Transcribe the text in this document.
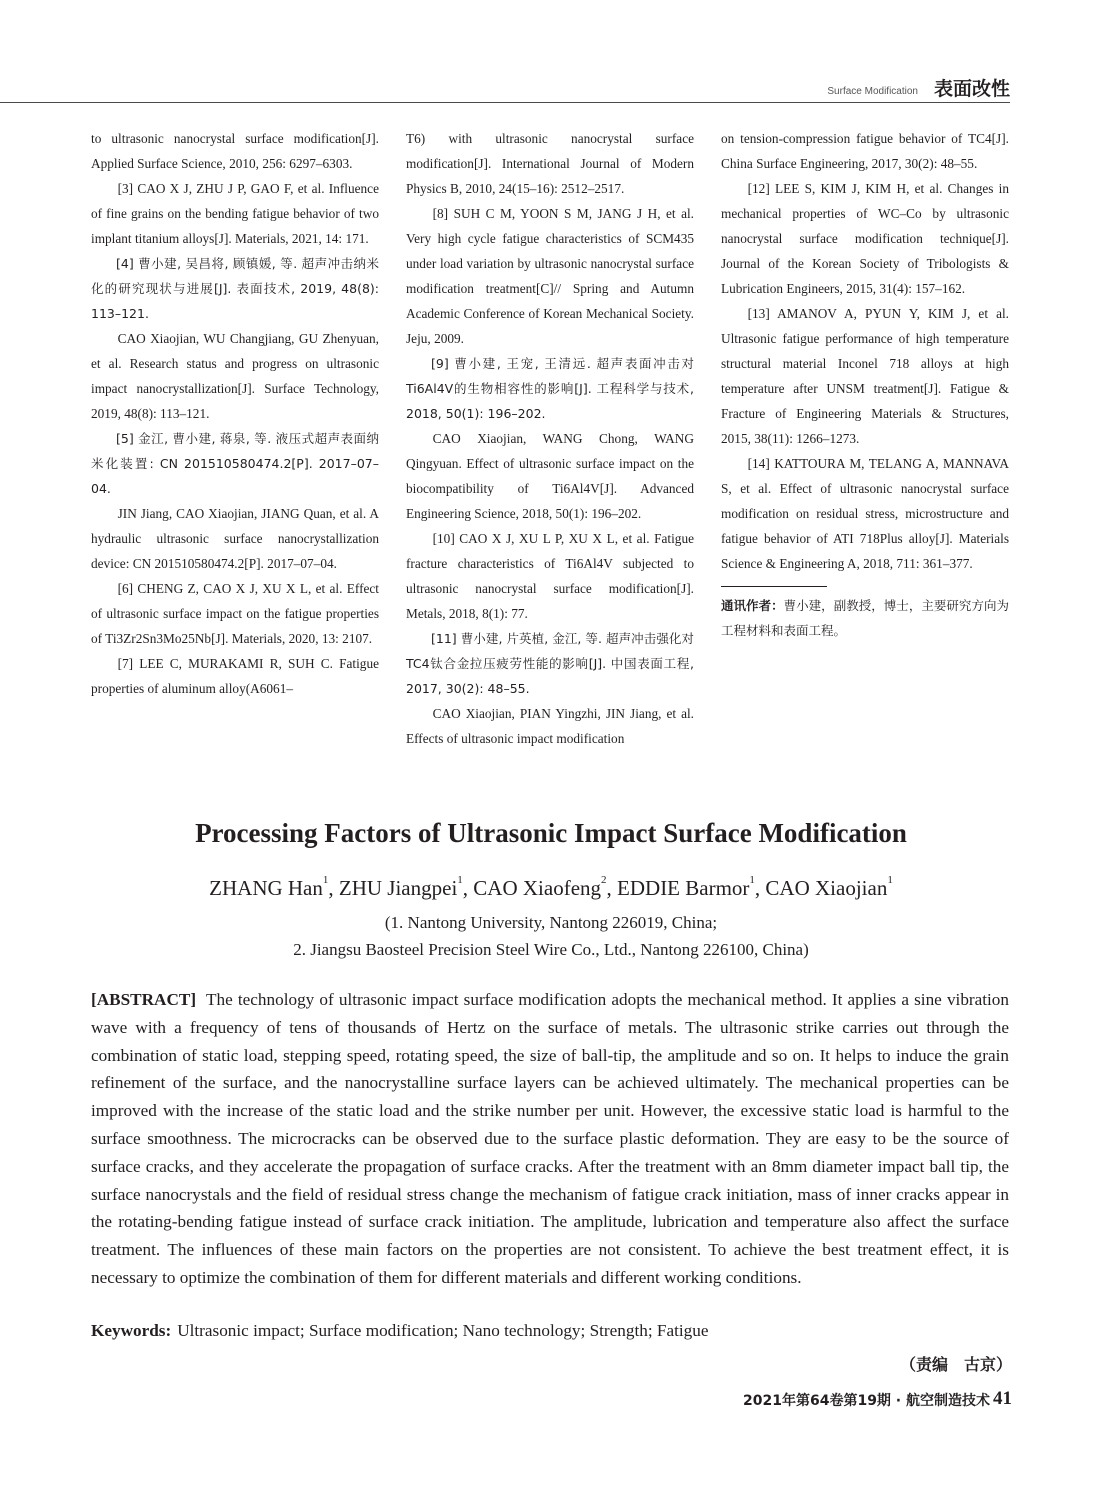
Surface Modification 表面改性

to ultrasonic nanocrystal surface modification[J]. Applied Surface Science, 2010, 256: 6297–6303.

[3] CAO X J, ZHU J P, GAO F, et al. Influence of fine grains on the bending fatigue behavior of two implant titanium alloys[J]. Materials, 2021, 14: 171.

[4] 曹小建, 吴昌将, 顾镇媛, 等. 超声冲击纳米化的研究现状与进展[J]. 表面技术, 2019, 48(8): 113–121.

CAO Xiaojian, WU Changjiang, GU Zhenyuan, et al. Research status and progress on ultrasonic impact nanocrystallization[J]. Surface Technology, 2019, 48(8): 113–121.

[5] 金江, 曹小建, 蒋泉, 等. 液压式超声表面纳米化装置: CN 201510580474.2[P]. 2017–07–04.

JIN Jiang, CAO Xiaojian, JIANG Quan, et al. A hydraulic ultrasonic surface nanocrystallization device: CN 201510580474.2[P]. 2017–07–04.

[6] CHENG Z, CAO X J, XU X L, et al. Effect of ultrasonic surface impact on the fatigue properties of Ti3Zr2Sn3Mo25Nb[J]. Materials, 2020, 13: 2107.

[7] LEE C, MURAKAMI R, SUH C. Fatigue properties of aluminum alloy(A6061–

T6) with ultrasonic nanocrystal surface modification[J]. International Journal of Modern Physics B, 2010, 24(15–16): 2512–2517.

[8] SUH C M, YOON S M, JANG J H, et al. Very high cycle fatigue characteristics of SCM435 under load variation by ultrasonic nanocrystal surface modification treatment[C]// Spring and Autumn Academic Conference of Korean Mechanical Society. Jeju, 2009.

[9] 曹小建, 王宠, 王清远. 超声表面冲击对Ti6Al4V的生物相容性的影响[J]. 工程科学与技术, 2018, 50(1): 196–202.

CAO Xiaojian, WANG Chong, WANG Qingyuan. Effect of ultrasonic surface impact on the biocompatibility of Ti6Al4V[J]. Advanced Engineering Science, 2018, 50(1): 196–202.

[10] CAO X J, XU L P, XU X L, et al. Fatigue fracture characteristics of Ti6Al4V subjected to ultrasonic nanocrystal surface modification[J]. Metals, 2018, 8(1): 77.

[11] 曹小建, 片英植, 金江, 等. 超声冲击强化对TC4钛合金拉压疲劳性能的影响[J]. 中国表面工程, 2017, 30(2): 48–55.

CAO Xiaojian, PIAN Yingzhi, JIN Jiang, et al. Effects of ultrasonic impact modification

on tension-compression fatigue behavior of TC4[J]. China Surface Engineering, 2017, 30(2): 48–55.

[12] LEE S, KIM J, KIM H, et al. Changes in mechanical properties of WC–Co by ultrasonic nanocrystal surface modification technique[J]. Journal of the Korean Society of Tribologists & Lubrication Engineers, 2015, 31(4): 157–162.

[13] AMANOV A, PYUN Y, KIM J, et al. Ultrasonic fatigue performance of high temperature structural material Inconel 718 alloys at high temperature after UNSM treatment[J]. Fatigue & Fracture of Engineering Materials & Structures, 2015, 38(11): 1266–1273.

[14] KATTOURA M, TELANG A, MANNAVA S, et al. Effect of ultrasonic nanocrystal surface modification on residual stress, microstructure and fatigue behavior of ATI 718Plus alloy[J]. Materials Science & Engineering A, 2018, 711: 361–377.

通讯作者：曹小建，副教授，博士，主要研究方向为工程材料和表面工程。
Processing Factors of Ultrasonic Impact Surface Modification
ZHANG Han$^1$, ZHU Jiangpei$^1$, CAO Xiaofeng$^2$, EDDIE Barmor$^1$, CAO Xiaojian$^1$
(1. Nantong University, Nantong 226019, China;
2. Jiangsu Baosteel Precision Steel Wire Co., Ltd., Nantong 226100, China)
[ABSTRACT] The technology of ultrasonic impact surface modification adopts the mechanical method. It applies a sine vibration wave with a frequency of tens of thousands of Hertz on the surface of metals. The ultrasonic strike carries out through the combination of static load, stepping speed, rotating speed, the size of ball-tip, the amplitude and so on. It helps to induce the grain refinement of the surface, and the nanocrystalline surface layers can be achieved ultimately. The mechanical properties can be improved with the increase of the static load and the strike number per unit. However, the excessive static load is harmful to the surface smoothness. The microcracks can be observed due to the surface plastic deformation. They are easy to be the source of surface cracks, and they accelerate the propagation of surface cracks. After the treatment with an 8mm diameter impact ball tip, the surface nanocrystals and the field of residual stress change the mechanism of fatigue crack initiation, mass of inner cracks appear in the rotating-bending fatigue instead of surface crack initiation. The amplitude, lubrication and temperature also affect the surface treatment. The influences of these main factors on the properties are not consistent. To achieve the best treatment effect, it is necessary to optimize the combination of them for different materials and different working conditions.
Keywords: Ultrasonic impact; Surface modification; Nano technology; Strength; Fatigue
（责编　古京）
2021年第64卷第19期 · 航空制造技术 41
